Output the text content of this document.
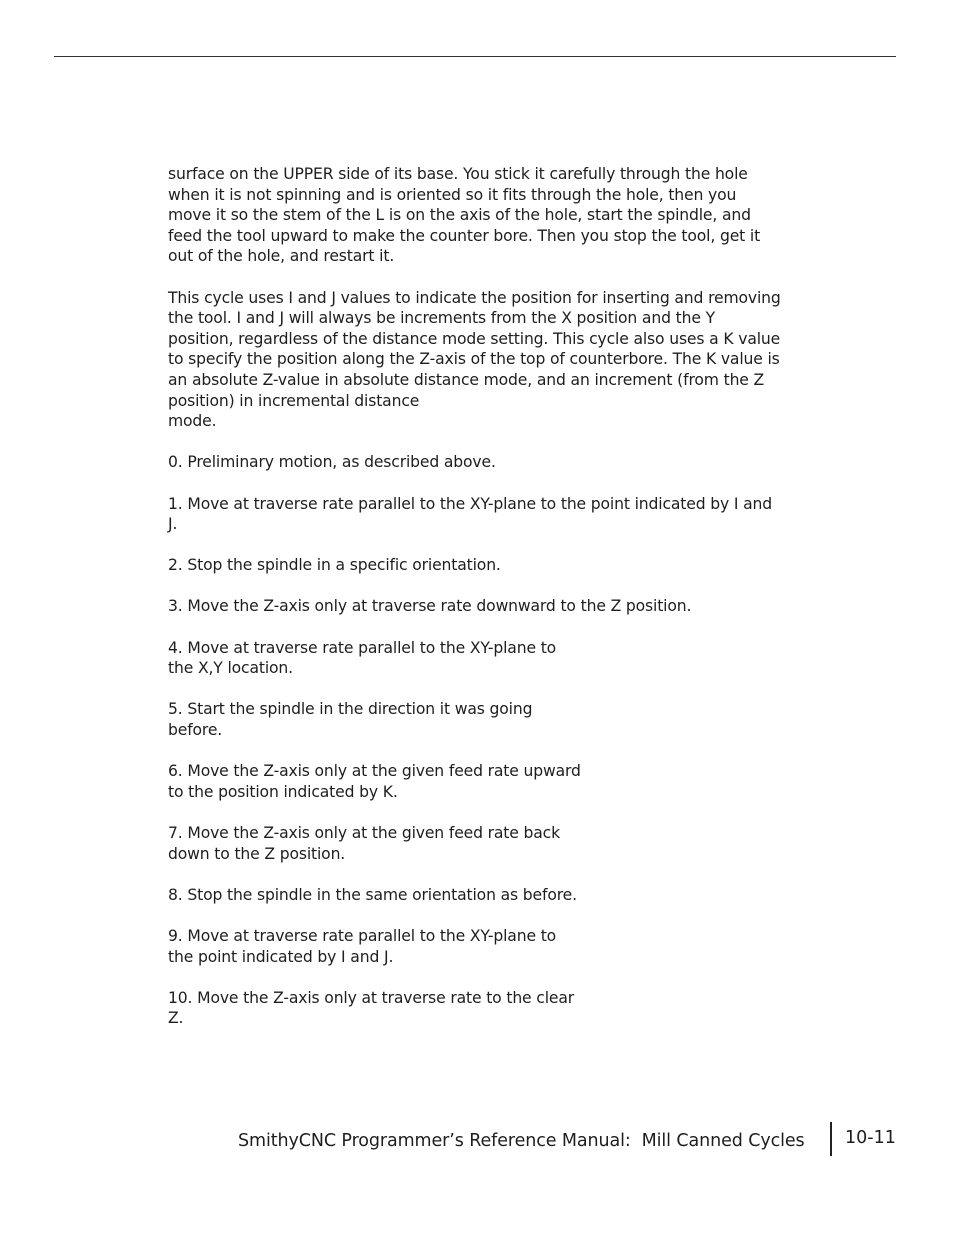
surface on the UPPER side of its base. You stick it carefully through the hole
when it is not spinning and is oriented so it fits through the hole, then you
move it so the stem of the L is on the axis of the hole, start the spindle, and
feed the tool upward to make the counter bore. Then you stop the tool, get it
out of the hole, and restart it.

This cycle uses I and J values to indicate the position for inserting and removing
the tool. I and J will always be increments from the X position and the Y
position, regardless of the distance mode setting. This cycle also uses a K value
to specify the position along the Z-axis of the top of counterbore. The K value is
an absolute Z-value in absolute distance mode, and an increment (from the Z
position) in incremental distance
mode.

0. Preliminary motion, as described above.

1. Move at traverse rate parallel to the XY-plane to the point indicated by I and
J.

2. Stop the spindle in a specific orientation.

3. Move the Z-axis only at traverse rate downward to the Z position.

4. Move at traverse rate parallel to the XY-plane to
the X,Y location.

5. Start the spindle in the direction it was going
before.

6. Move the Z-axis only at the given feed rate upward
to the position indicated by K.

7. Move the Z-axis only at the given feed rate back
down to the Z position.

8. Stop the spindle in the same orientation as before.

9. Move at traverse rate parallel to the XY-plane to
the point indicated by I and J.

10. Move the Z-axis only at traverse rate to the clear
Z.

SmithyCNC Programmer’s Reference Manual:  Mill Canned Cycles 10-11
